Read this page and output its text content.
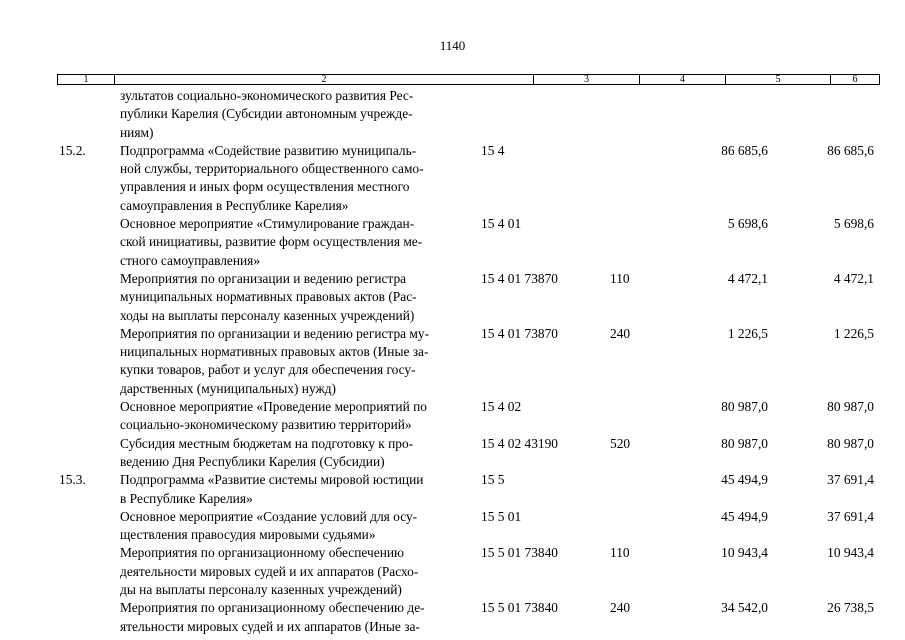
1140
1	2	3	4	5	6
зультатов социально-экономического развития Рес-
публики Карелия (Субсидии автономным учрежде-
ниям)
15.2.	Подпрограмма «Содействие развитию муниципаль-
ной службы, территориального общественного само-
управления и иных форм осуществления местного
самоуправления в Республике Карелия»
15 4	86 685,6	86 685,6
Основное мероприятие «Стимулирование граждан-
ской инициативы, развитие форм осуществления ме-
стного самоуправления»
15 4 01	5 698,6	5 698,6
Мероприятия по организации и ведению регистра
муниципальных нормативных правовых актов (Рас-
ходы на выплаты персоналу казенных учреждений)
15 4 01 73870	110	4 472,1	4 472,1
Мероприятия по организации и ведению регистра му-
ниципальных нормативных правовых актов (Иные за-
купки товаров, работ и услуг для обеспечения госу-
дарственных (муниципальных) нужд)
15 4 01 73870	240	1 226,5	1 226,5
Основное мероприятие «Проведение мероприятий по
социально-экономическому развитию территорий»
15 4 02	80 987,0	80 987,0
Субсидия местным бюджетам на подготовку к про-
ведению Дня Республики Карелия (Субсидии)
15 4 02 43190	520	80 987,0	80 987,0
15.3.	Подпрограмма «Развитие системы мировой юстиции
в Республике Карелия»
15 5	45 494,9	37 691,4
Основное мероприятие «Создание условий для осу-
ществления правосудия мировыми судьями»
15 5 01	45 494,9	37 691,4
Мероприятия по организационному обеспечению
деятельности мировых судей и их аппаратов (Расхо-
ды на выплаты персоналу казенных учреждений)
15 5 01 73840	110	10 943,4	10 943,4
Мероприятия по организационному обеспечению де-
ятельности мировых судей и их аппаратов (Иные за-
15 5 01 73840	240	34 542,0	26 738,5
